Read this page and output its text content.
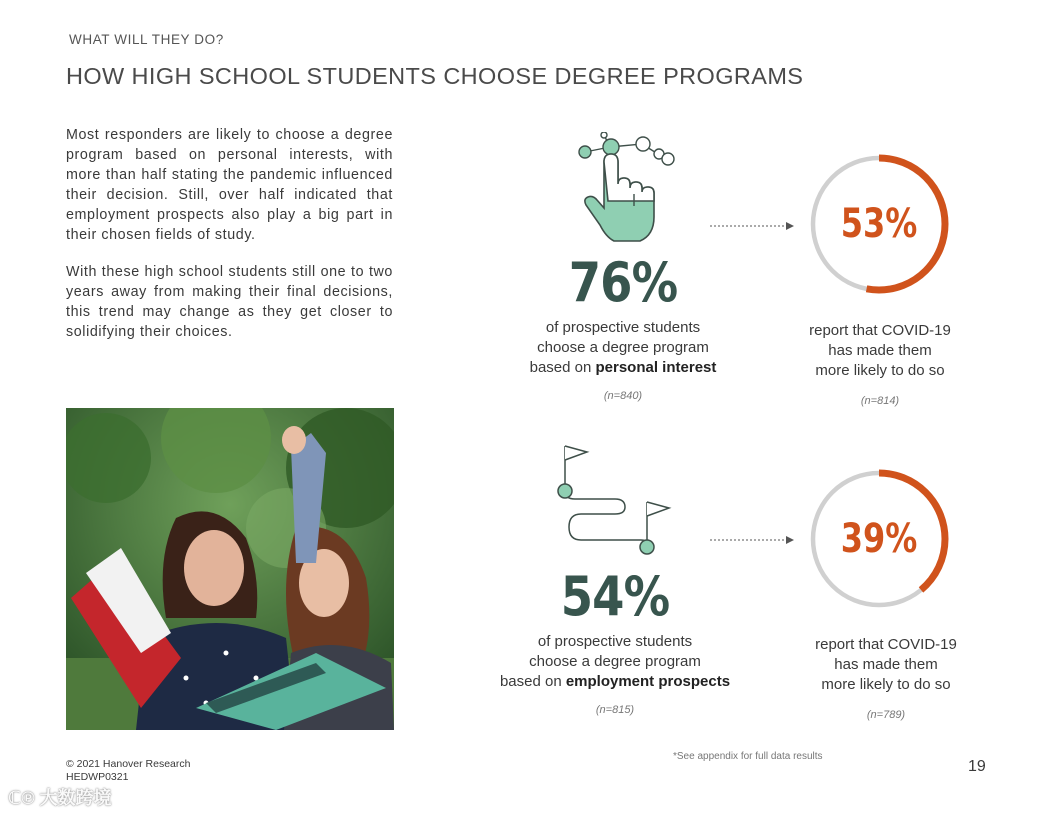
WHAT WILL THEY DO?
HOW HIGH SCHOOL STUDENTS CHOOSE DEGREE PROGRAMS

Most responders are likely to choose a degree program based on personal interests, with more than half stating the pandemic influenced their decision. Still, over half indicated that employment prospects also play a big part in their chosen fields of study.

With these high school students still one to two years away from making their final decisions, this trend may change as they get closer to solidifying their choices.

76%
of prospective students
choose a degree program
based on personal interest
(n=840)
53%
report that COVID-19
has made them
more likely to do so
(n=814)
54%
of prospective students
choose a degree program
based on employment prospects
(n=815)
39%
report that COVID-19
has made them
more likely to do so
(n=789)
*See appendix for full data results
© 2021 Hanover Research
HEDWP0321
19
ℂ℗ 大数跨境
